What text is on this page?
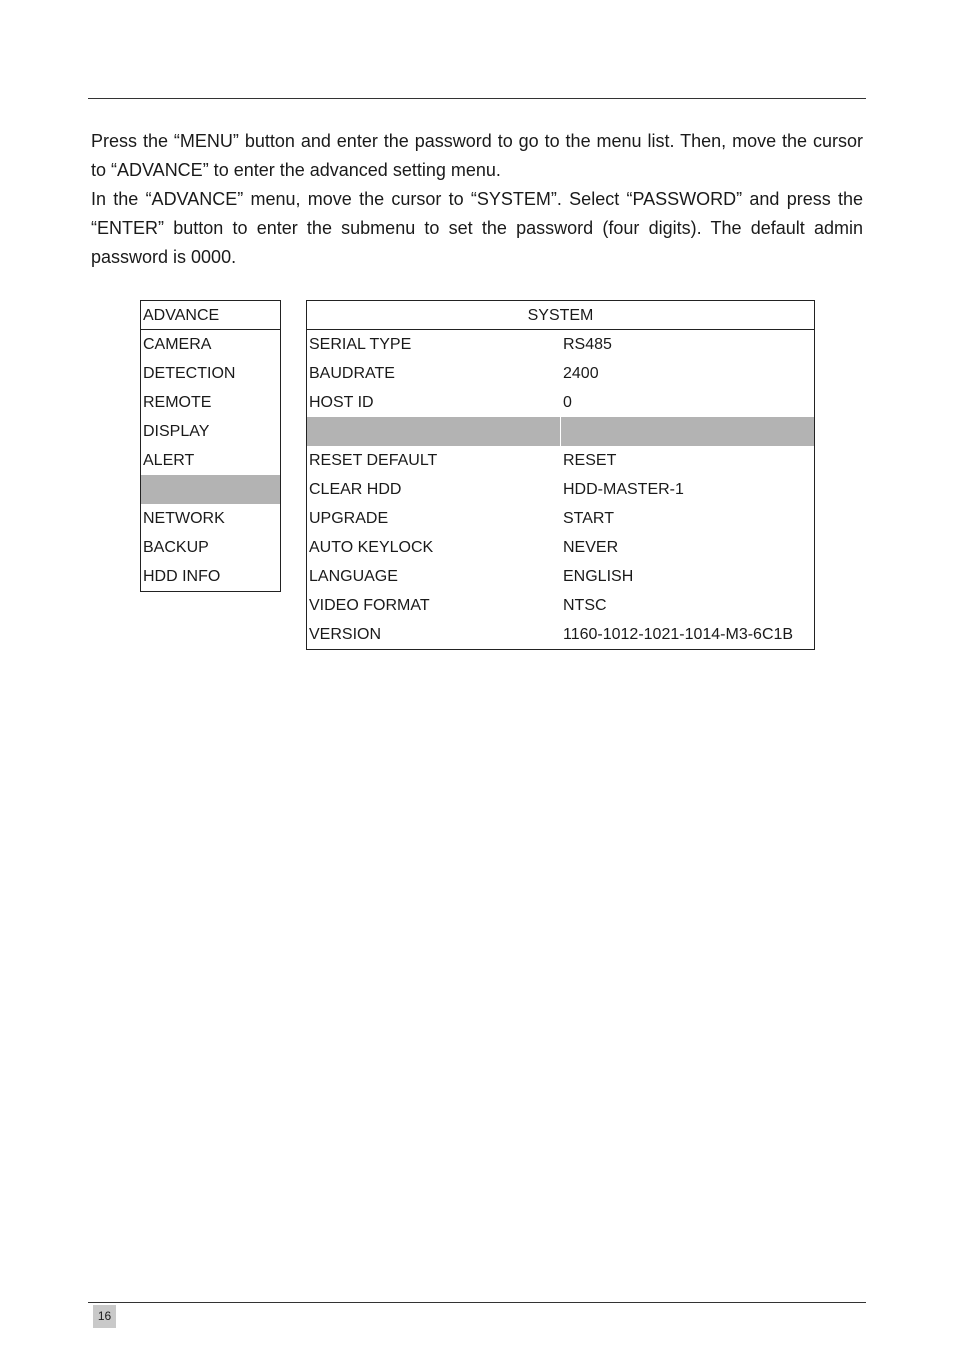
Press the “MENU” button and enter the password to go to the menu list. Then, move the cursor to “ADVANCE” to enter the advanced setting menu.

In the “ADVANCE” menu, move the cursor to “SYSTEM”. Select “PASSWORD” and press the “ENTER” button to enter the submenu to set the password (four digits). The default admin password is 0000.

ADVANCE
CAMERA
DETECTION
REMOTE
DISPLAY
ALERT
NETWORK
BACKUP
HDD INFO
SYSTEM
SERIAL TYPE	RS485
BAUDRATE	2400
HOST ID	0
RESET DEFAULT	RESET
CLEAR HDD	HDD-MASTER-1
UPGRADE	START
AUTO KEYLOCK	NEVER
LANGUAGE	ENGLISH
VIDEO FORMAT	NTSC
VERSION	1160-1012-1021-1014-M3-6C1B
16
